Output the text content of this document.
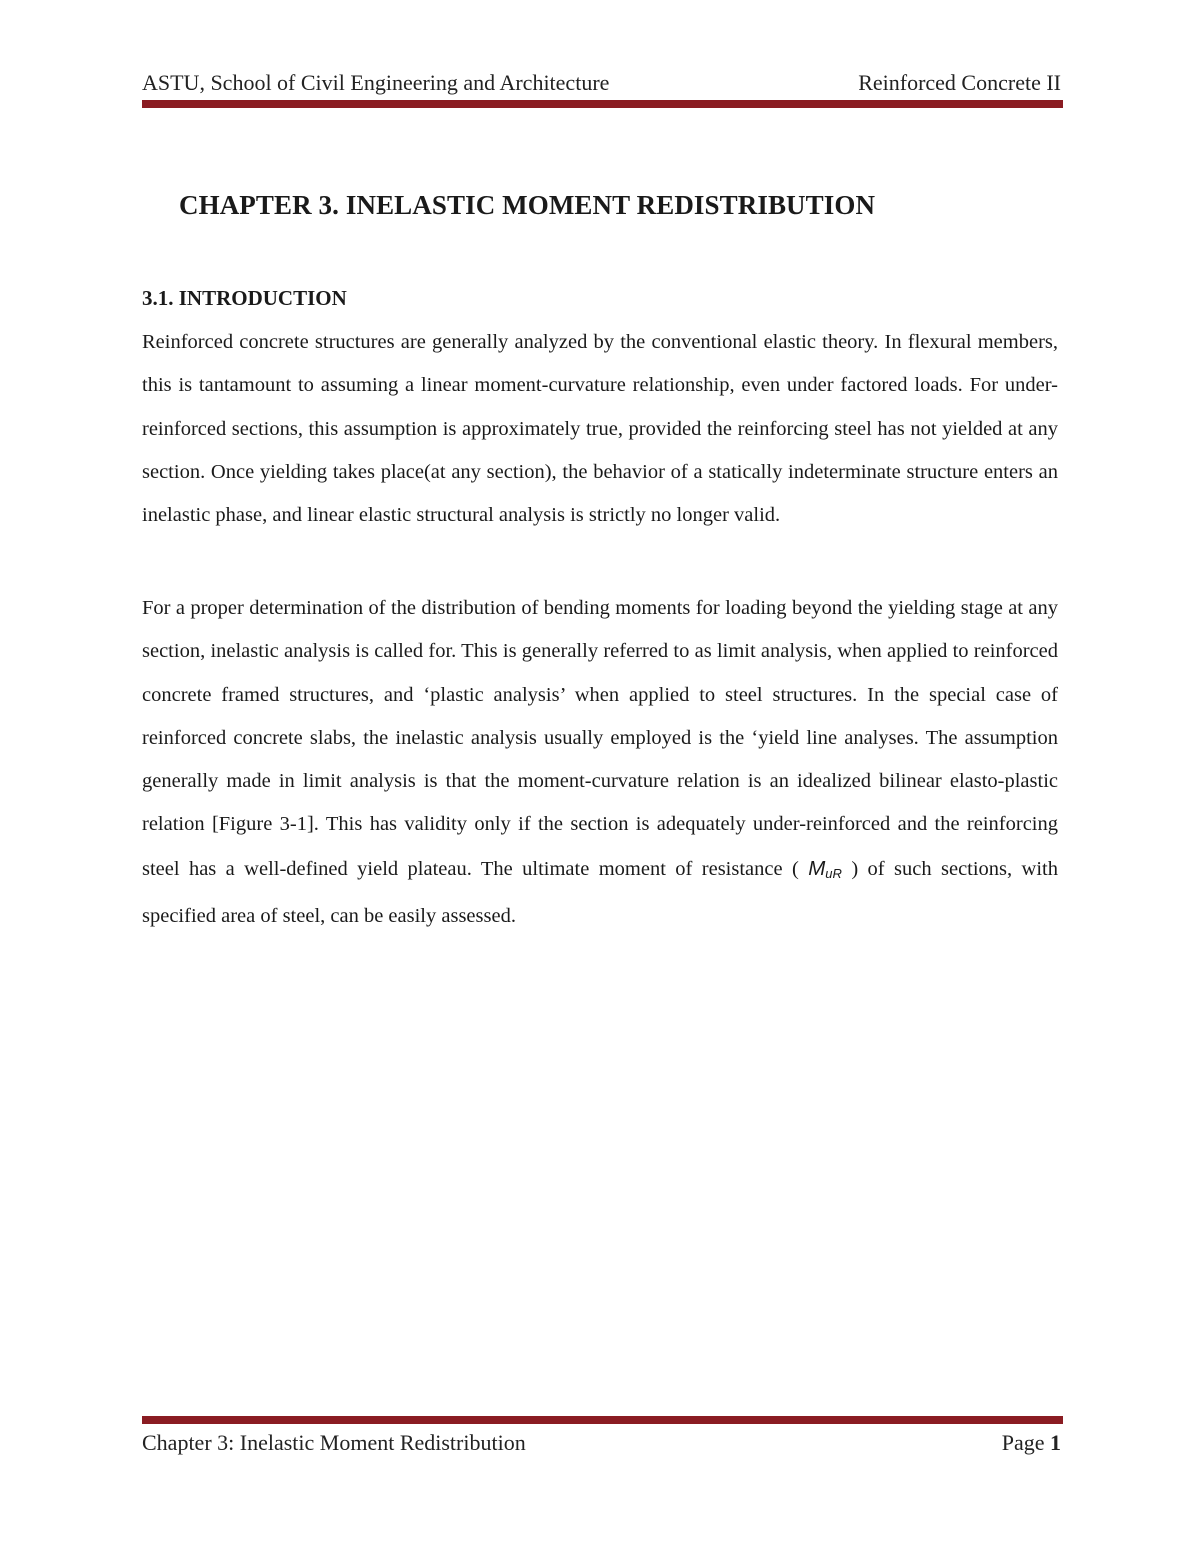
ASTU, School of Civil Engineering and Architecture	Reinforced Concrete II
CHAPTER 3. INELASTIC MOMENT REDISTRIBUTION
3.1. INTRODUCTION

Reinforced concrete structures are generally analyzed by the conventional elastic theory. In flexural members, this is tantamount to assuming a linear moment-curvature relationship, even under factored loads. For under-reinforced sections, this assumption is approximately true, provided the reinforcing steel has not yielded at any section. Once yielding takes place(at any section), the behavior of a statically indeterminate structure enters an inelastic phase, and linear elastic structural analysis is strictly no longer valid.

For a proper determination of the distribution of bending moments for loading beyond the yielding stage at any section, inelastic analysis is called for. This is generally referred to as limit analysis, when applied to reinforced concrete framed structures, and ‘plastic analysis’ when applied to steel structures. In the special case of reinforced concrete slabs, the inelastic analysis usually employed is the ‘yield line analyses. The assumption generally made in limit analysis is that the moment-curvature relation is an idealized bilinear elasto-plastic relation [Figure 3-1]. This has validity only if the section is adequately under-reinforced and the reinforcing steel has a well-defined yield plateau. The ultimate moment of resistance ( $M_{uR}$ ) of such sections, with specified area of steel, can be easily assessed.

Chapter 3: Inelastic Moment Redistribution	Page 1
